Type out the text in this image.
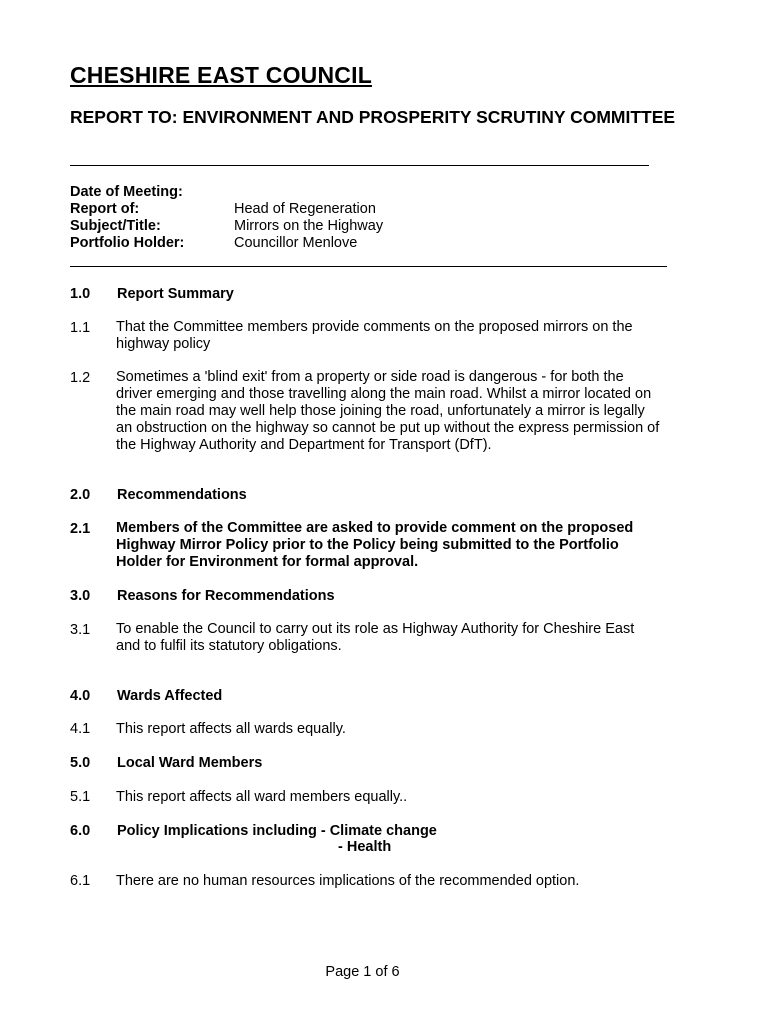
CHESHIRE EAST COUNCIL
REPORT TO: ENVIRONMENT AND PROSPERITY SCRUTINY COMMITTEE
Date of Meeting:
Report of:	Head of Regeneration
Subject/Title:	Mirrors on the Highway
Portfolio Holder:	Councillor Menlove
1.0 Report Summary
1.1 That the Committee members provide comments on the proposed mirrors on the highway policy
1.2 Sometimes a 'blind exit' from a property or side road is dangerous - for both the driver emerging and those travelling along the main road. Whilst a mirror located on the main road may well help those joining the road, unfortunately a mirror is legally an obstruction on the highway so cannot be put up without the express permission of the Highway Authority and Department for Transport (DfT).
2.0 Recommendations
2.1 Members of the Committee are asked to provide comment on the proposed Highway Mirror Policy prior to the Policy being submitted to the Portfolio Holder for Environment for formal approval.
3.0 Reasons for Recommendations
3.1 To enable the Council to carry out its role as Highway Authority for Cheshire East and to fulfil its statutory obligations.
4.0 Wards Affected
4.1 This report affects all wards equally.
5.0 Local Ward Members
5.1 This report affects all ward members equally..
6.0 Policy Implications including - Climate change
- Health
6.1 There are no human resources implications of the recommended option.
Page 1 of 6
